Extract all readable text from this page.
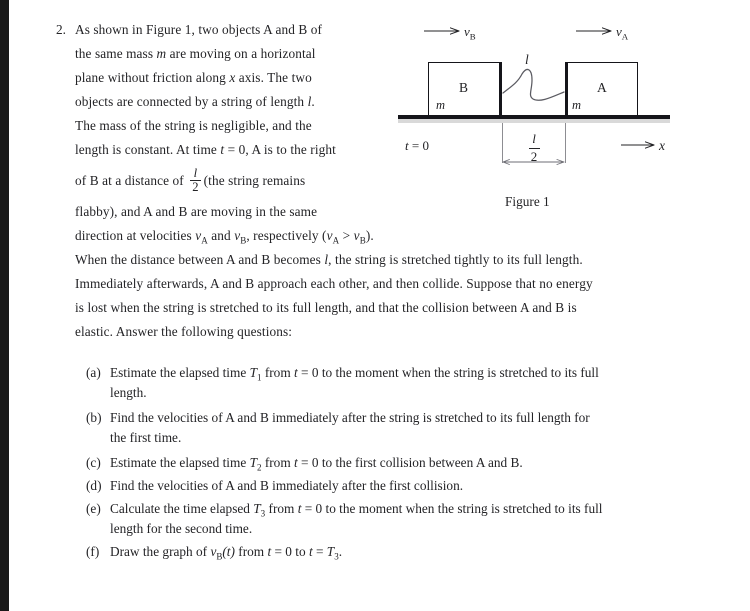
2. As shown in Figure 1, two objects A and B of
the same mass m are moving on a horizontal
plane without friction along x axis. The two
objects are connected by a string of length l.
The mass of the string is negligible, and the
length is constant. At time t = 0, A is to the right
of B at a distance of $\frac{l}{2} (the$ string remains
flabby), and A and B are moving in the same
direction at velocities $v_A$ and $v_B$, respectively $(v_A > v_B)$.
When the distance between A and B becomes l, the string is stretched tightly to its full length.
Immediately afterwards, A and B approach each other, and then collide. Suppose that no energy
is lost when the string is stretched to its full length, and that the collision between A and B is
elastic. Answer the following questions:
(a) Estimate the elapsed time $T_1$ from t = 0 to the moment when the string is stretched to its full
length.
(b) Find the velocities of A and B immediately after the string is stretched to its full length for
the first time.
(c) Estimate the elapsed time $T_2$ from t = 0 to the first collision between A and B.
(d) Find the velocities of A and B immediately after the first collision.
(e) Calculate the time elapsed $T_3$ from t = 0 to the moment when the string is stretched to its full
length for the second time.
(f) Draw the graph of $v_B(t)$ from t = 0 to $t = T_3$.
$v_B$	$v_A$
l
B
m
A
m
t = 0	l
2
x
Figure 1
